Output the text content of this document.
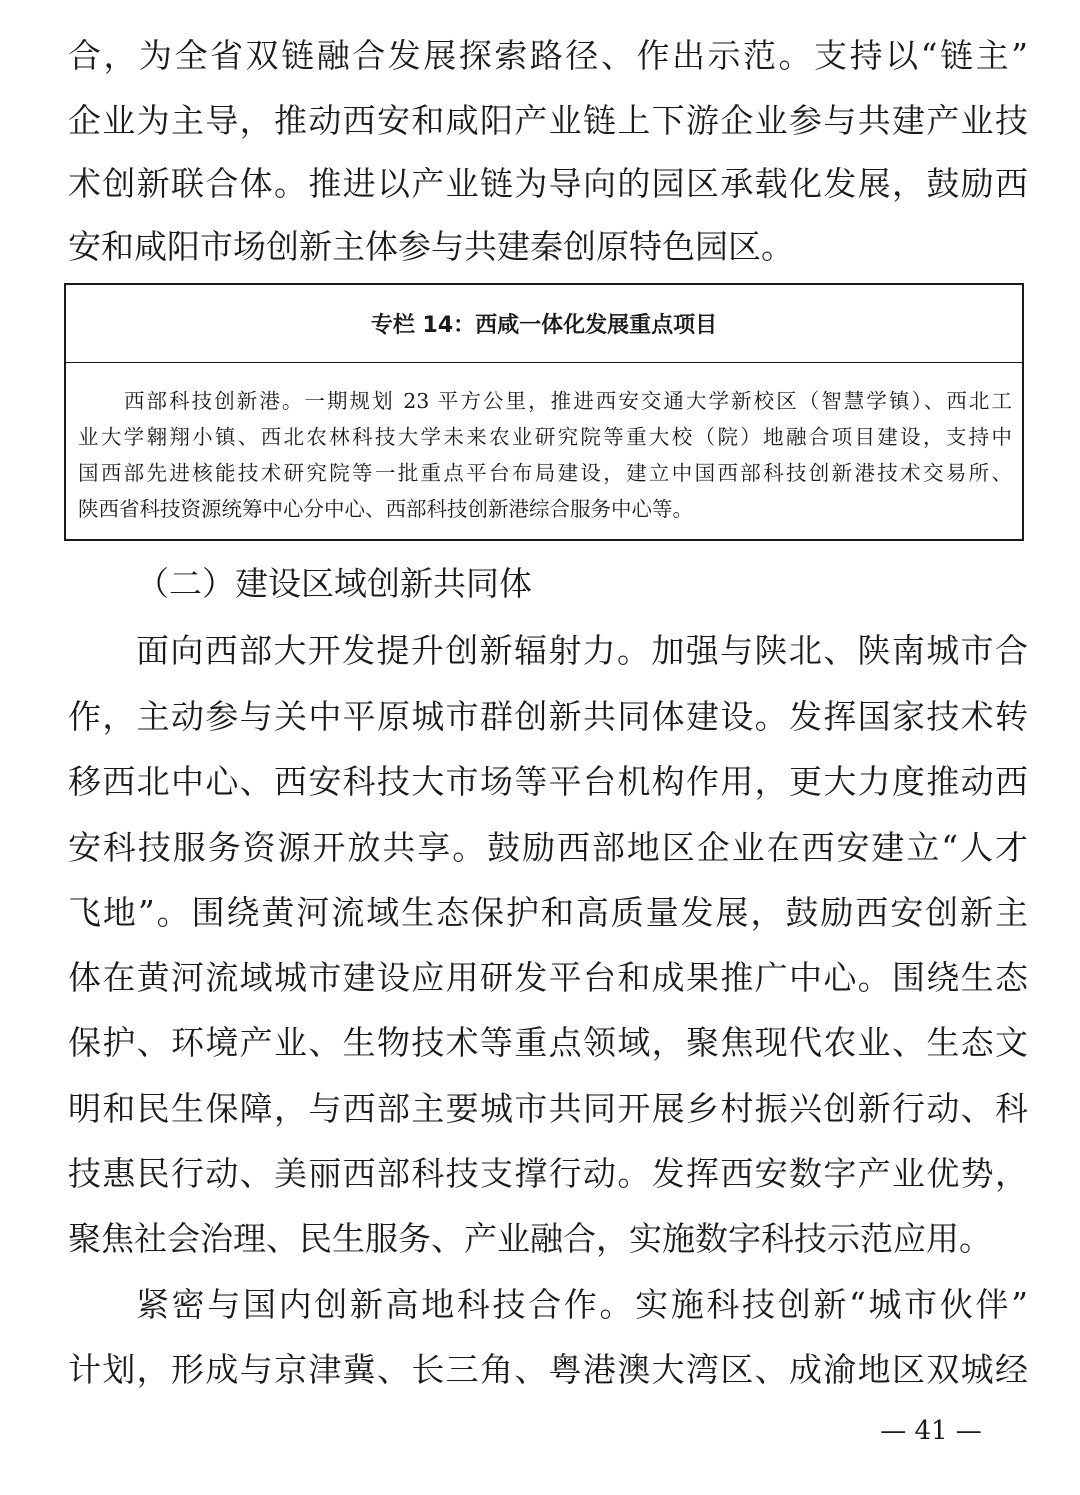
合，为全省双链融合发展探索路径、作出示范。支持以“链主”
企业为主导，推动西安和咸阳产业链上下游企业参与共建产业技
术创新联合体。推进以产业链为导向的园区承载化发展，鼓励西
安和咸阳市场创新主体参与共建秦创原特色园区。
专栏 14：西咸一体化发展重点项目
西部科技创新港。一期规划 23 平方公里，推进西安交通大学新校区（智慧学镇）、西北工
业大学翱翔小镇、西北农林科技大学未来农业研究院等重大校（院）地融合项目建设，支持中
国西部先进核能技术研究院等一批重点平台布局建设，建立中国西部科技创新港技术交易所、
陕西省科技资源统筹中心分中心、西部科技创新港综合服务中心等。
（二）建设区域创新共同体
面向西部大开发提升创新辐射力。加强与陕北、陕南城市合
作，主动参与关中平原城市群创新共同体建设。发挥国家技术转
移西北中心、西安科技大市场等平台机构作用，更大力度推动西
安科技服务资源开放共享。鼓励西部地区企业在西安建立“人才
飞地”。围绕黄河流域生态保护和高质量发展，鼓励西安创新主
体在黄河流域城市建设应用研发平台和成果推广中心。围绕生态
保护、环境产业、生物技术等重点领域，聚焦现代农业、生态文
明和民生保障，与西部主要城市共同开展乡村振兴创新行动、科
技惠民行动、美丽西部科技支撑行动。发挥西安数字产业优势，
聚焦社会治理、民生服务、产业融合，实施数字科技示范应用。
紧密与国内创新高地科技合作。实施科技创新“城市伙伴”
计划，形成与京津冀、长三角、粤港澳大湾区、成渝地区双城经
— 41 —
